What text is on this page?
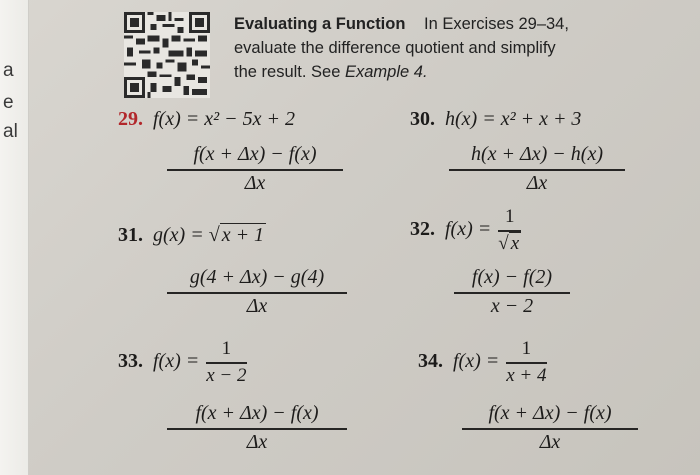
a
e
al
Evaluating a Function In Exercises 29–34,
evaluate the difference quotient and simplify
the result. See Example 4.
29. f(x) = x² − 5x + 2
f(x + Δx) − f(x)
Δx
30. h(x) = x² + x + 3
h(x + Δx) − h(x)
Δx
31. g(x) = √ x + 1
g(4 + Δx) − g(4)
Δx
32. $f(x) = \frac{1}{√ x}$
f(x) − f(2)
x − 2
33. $f(x) = \frac{1}{x - 2}$
f(x + Δx) − f(x)
Δx
34. $f(x) = \frac{1}{x + 4}$
f(x + Δx) − f(x)
Δx
